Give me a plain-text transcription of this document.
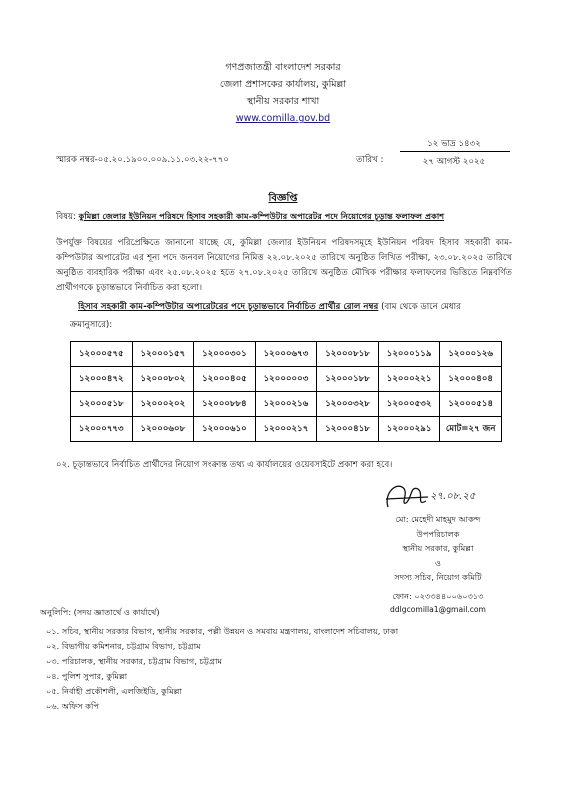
গণপ্রজাতন্ত্রী বাংলাদেশ সরকার
জেলা প্রশাসকের কার্যালয়, কুমিল্লা
স্থানীয় সরকার শাখা
www.comilla.gov.bd
স্মারক নম্বর-০৫.২০.১৯০০.০০৯.১১.০৩.২২-৭৭০	তারিখ :
১২ ভাদ্র ১৪৩২
২৭ আগস্ট ২০২৫
বিজ্ঞপ্তি
বিষয়: কুমিল্লা জেলার ইউনিয়ন পরিষদে হিসাব সহকারী কাম-কম্পিউটার অপারেটর পদে নিয়োগের চূড়ান্ত ফলাফল প্রকাশ
উপর্যুক্ত বিষয়ের পরিপ্রেক্ষিতে জানানো যাচ্ছে যে, কুমিল্লা জেলার ইউনিয়ন পরিষদসমূহে ইউনিয়ন পরিষদ হিসাব সহকারী কাম-কম্পিউটার অপারেটর এর শূন্য পদে জনবল নিয়োগের নিমিত্ত ২২.০৮.২০২৫ তারিখে অনুষ্ঠিত লিখিত পরীক্ষা, ২৩.০৮.২০২৫ তারিখে অনুষ্ঠিত ব্যবহারিক পরীক্ষা এবং ২৫.০৮.২০২৫ হতে ২৭.০৮.২০২৫ তারিখে অনুষ্ঠিত মৌখিক পরীক্ষার ফলাফলের ভিত্তিতে নিম্নবর্ণিত প্রার্থীগণকে চূড়ান্তভাবে নির্বাচিত করা হলো।
হিসাব সহকারী কাম-কম্পিউটার অপারেটরের পদে চূড়ান্তভাবে নির্বাচিত প্রার্থীর রোল নম্বর (বাম থেকে ডানে মেধার
ক্রমানুসারে):
১২০০০৫৭৫	১২০০০১৫৭	১২০০০৩০১	১২০০০৬৭৩	১২০০০৮১৮	১২০০০১১৯	১২০০০১২৬
১২০০০৪৭২	১২০০০৮০২	১২০০০৪০৫	১২০০০০০৩	১২০০০১৮৮	১২০০০২২১	১২০০০৪০৪
১২০০০৫১৮	১২০০০২০২	১২০০০৮৮৪	১২০০০২১৬	১২০০০৩২৮	১২০০০৫৩২	১২০০০৫১৪
১২০০০৭৭৩	১২০০০৬০৮	১২০০০৬১০	১২০০০২১৭	১২০০০৪১৮	১২০০০২৯১	মোট=২৭ জন
০২. চূড়ান্তভাবে নির্বাচিত প্রার্থীদের নিয়োগ সংক্রান্ত তথ্য এ কার্যালয়ের ওয়েবসাইটে প্রকাশ করা হবে।
২৭.০৮.২৫
মো: মেহেদী মাহমুদ আকন্দ
উপপরিচালক
স্থানীয় সরকার, কুমিল্লা
ও
সদস্য সচিব, নিয়োগ কমিটি
ফোন: ০২৩৩৪৪০০৬০৩১৩
ddlgcomilla1@gmail.com
অনুলিপি: (সদয় জ্ঞাতার্থে ও কার্যার্থে)
০১. সচিব, স্থানীয় সরকার বিভাগ, স্থানীয় সরকার, পল্লী উন্নয়ন ও সমবায় মন্ত্রণালয়, বাংলাদেশ সচিবালয়, ঢাকা
০২. বিভাগীয় কমিশনার, চট্টগ্রাম বিভাগ, চট্টগ্রাম
০৩. পরিচালক, স্থানীয় সরকার, চট্টগ্রাম বিভাগ, চট্টগ্রাম
০৪. পুলিশ সুপার, কুমিল্লা
০৫. নির্বাহী প্রকৌশলী, এলজিইডি, কুমিল্লা
০৬. অফিস কপি
